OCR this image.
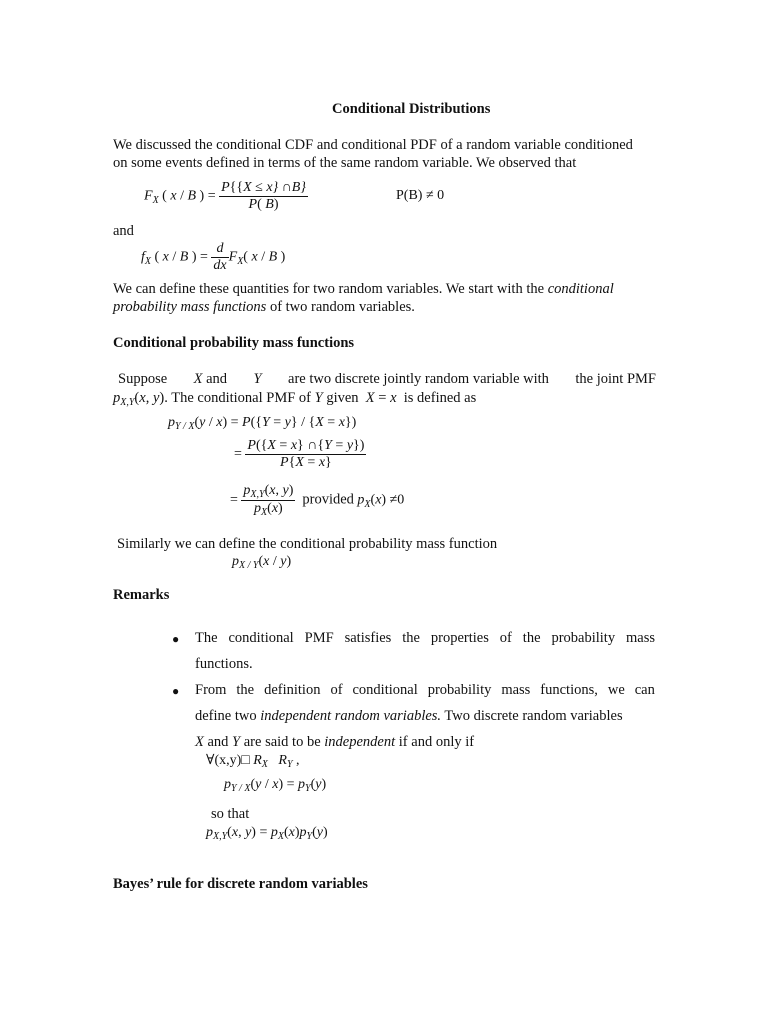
Conditional Distributions
We discussed the conditional CDF and conditional PDF of a random variable conditioned
on some events defined in terms of the same random variable. We observed that
$F_X$ ( x / B ) = $\frac{P\{\{X \le x\} \cap B\}}{P( B)}$	P(B) ≠ 0
and
$f_X$ ( x / B ) = $\frac{d}{dx} F_X$( x / B )
We can define these quantities for two random variables. We start with the conditional
probability mass functions of two random variables.
Conditional probability mass functions
Suppose X and Y are two discrete jointly random variable with the joint PMF
$p_{X,Y}(x$, y). The conditional PMF of Y given X = x is defined as
$p_{Y / X}(y / x) = P(\{Y = y\} / \{X = x\})$
= $\frac{P(\{X = x\} \cap\{Y = y\})}{P\{X = x\}}$
= $\frac{p_{X,Y}(x, y)}{p_X(x)}$ provided $p_X(x) \ne 0$
Similarly we can define the conditional probability mass function
$p_{X / Y}(x / y)$
Remarks
● The conditional PMF satisfies the properties of the probability mass
functions.
● From the definition of conditional probability mass functions, we can
define two independent random variables. Two discrete random variables
X and Y are said to be independent if and only if
∀(x,y)□ $R_X$ $R_Y$ ,
$p_{Y / X}(y / x) = p_Y(y)$
so that
$p_{X,Y}(x$, $y) = p_X(x)p_Y(y)$
Bayes’ rule for discrete random variables
